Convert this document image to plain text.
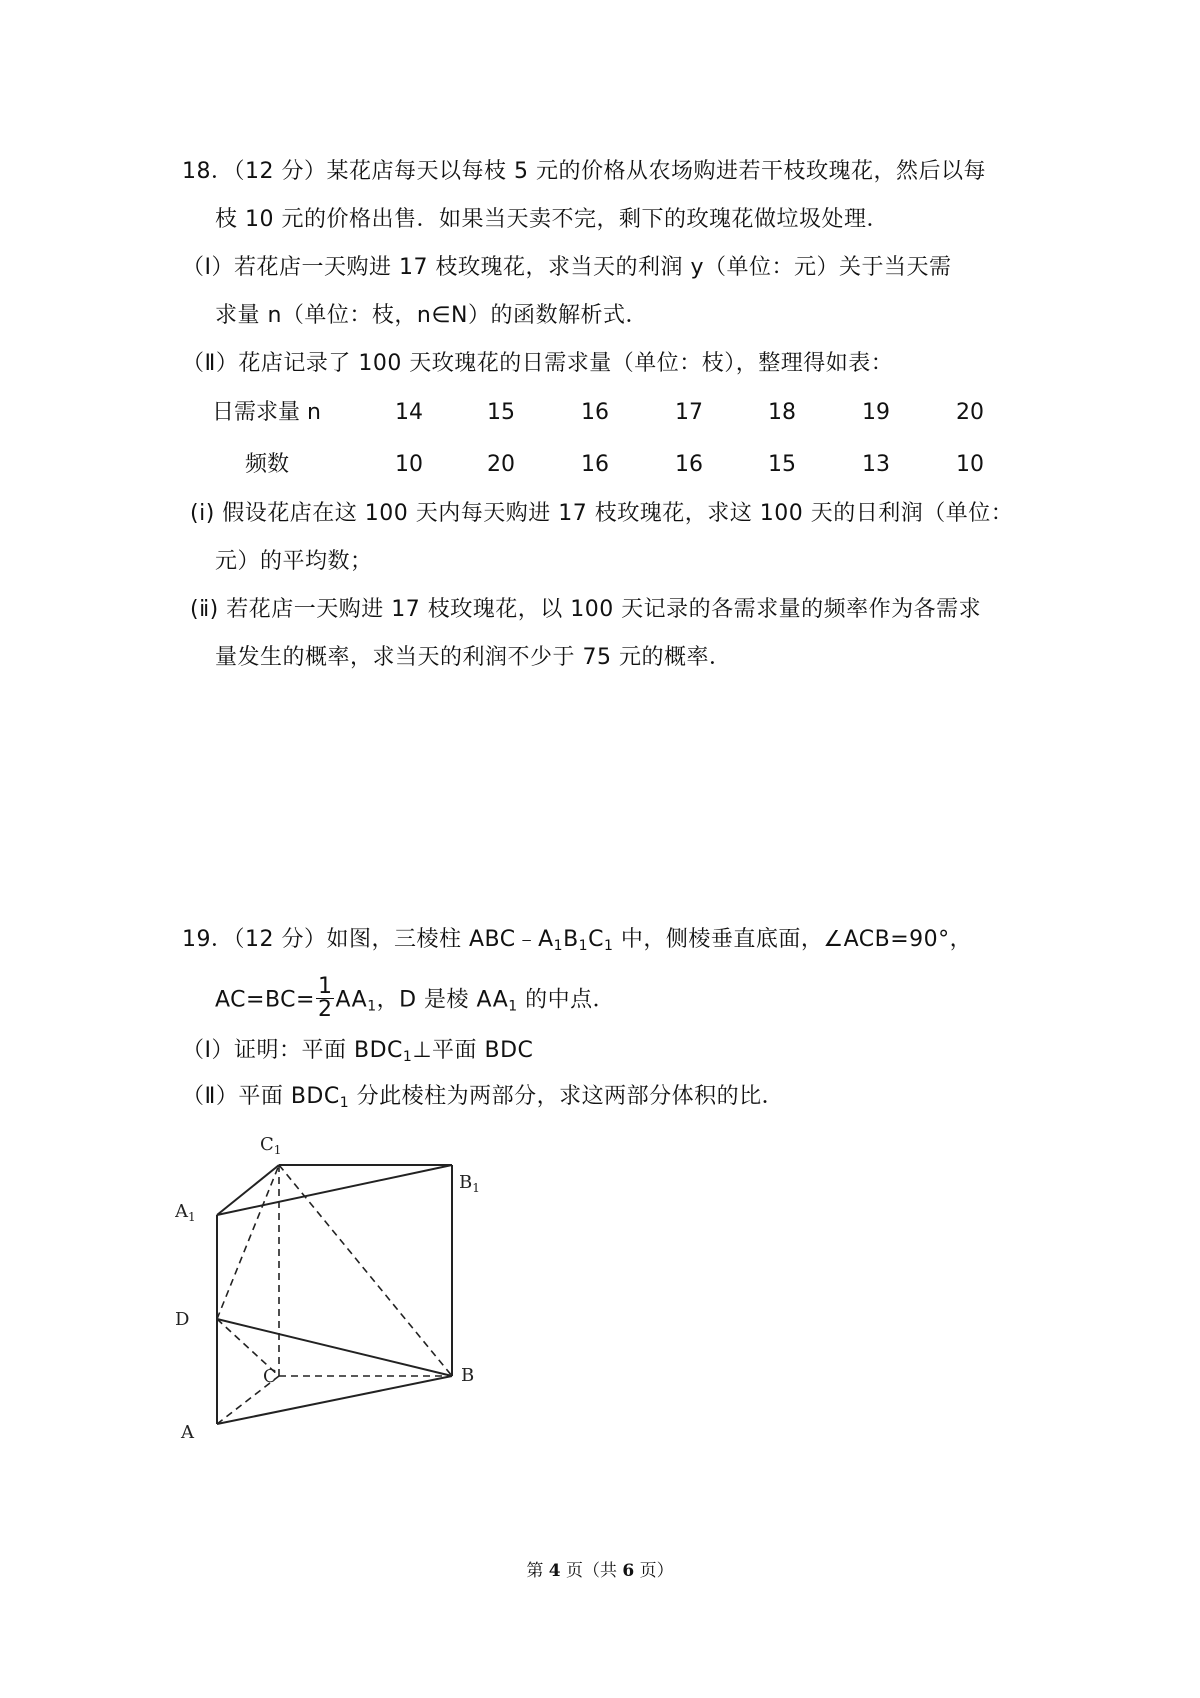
18．（12 分）某花店每天以每枝 5 元的价格从农场购进若干枝玫瑰花，然后以每
枝 10 元的价格出售．如果当天卖不完，剩下的玫瑰花做垃圾处理．
（Ⅰ）若花店一天购进 17 枝玫瑰花，求当天的利润 y（单位：元）关于当天需
求量 n（单位：枝，n∈N）的函数解析式．
（Ⅱ）花店记录了 100 天玫瑰花的日需求量（单位：枝），整理得如表：
日需求量 n	14	15	16	17	18	19	20
频数	10	20	16	16	15	13	10
(ⅰ) 假设花店在这 100 天内每天购进 17 枝玫瑰花，求这 100 天的日利润（单位：
元）的平均数；
(ⅱ) 若花店一天购进 17 枝玫瑰花，以 100 天记录的各需求量的频率作为各需求
量发生的概率，求当天的利润不少于 75 元的概率．
19．（12 分）如图，三棱柱 $ABC﹣A_1B_1C_1$ 中，侧棱垂直底面，∠ACB=90°，
$AC=BC= \frac{1}{2} AA_1$，D 是棱 $AA_1$ 的中点．
（Ⅰ）证明：平面 $BDC_1\perp$平面 BDC
（Ⅱ）平面 $BDC_1$ 分此棱柱为两部分，求这两部分体积的比．
$C_1$
$B_1$
$A_1$
D
C	B
A
第 4 页（共 6 页）
